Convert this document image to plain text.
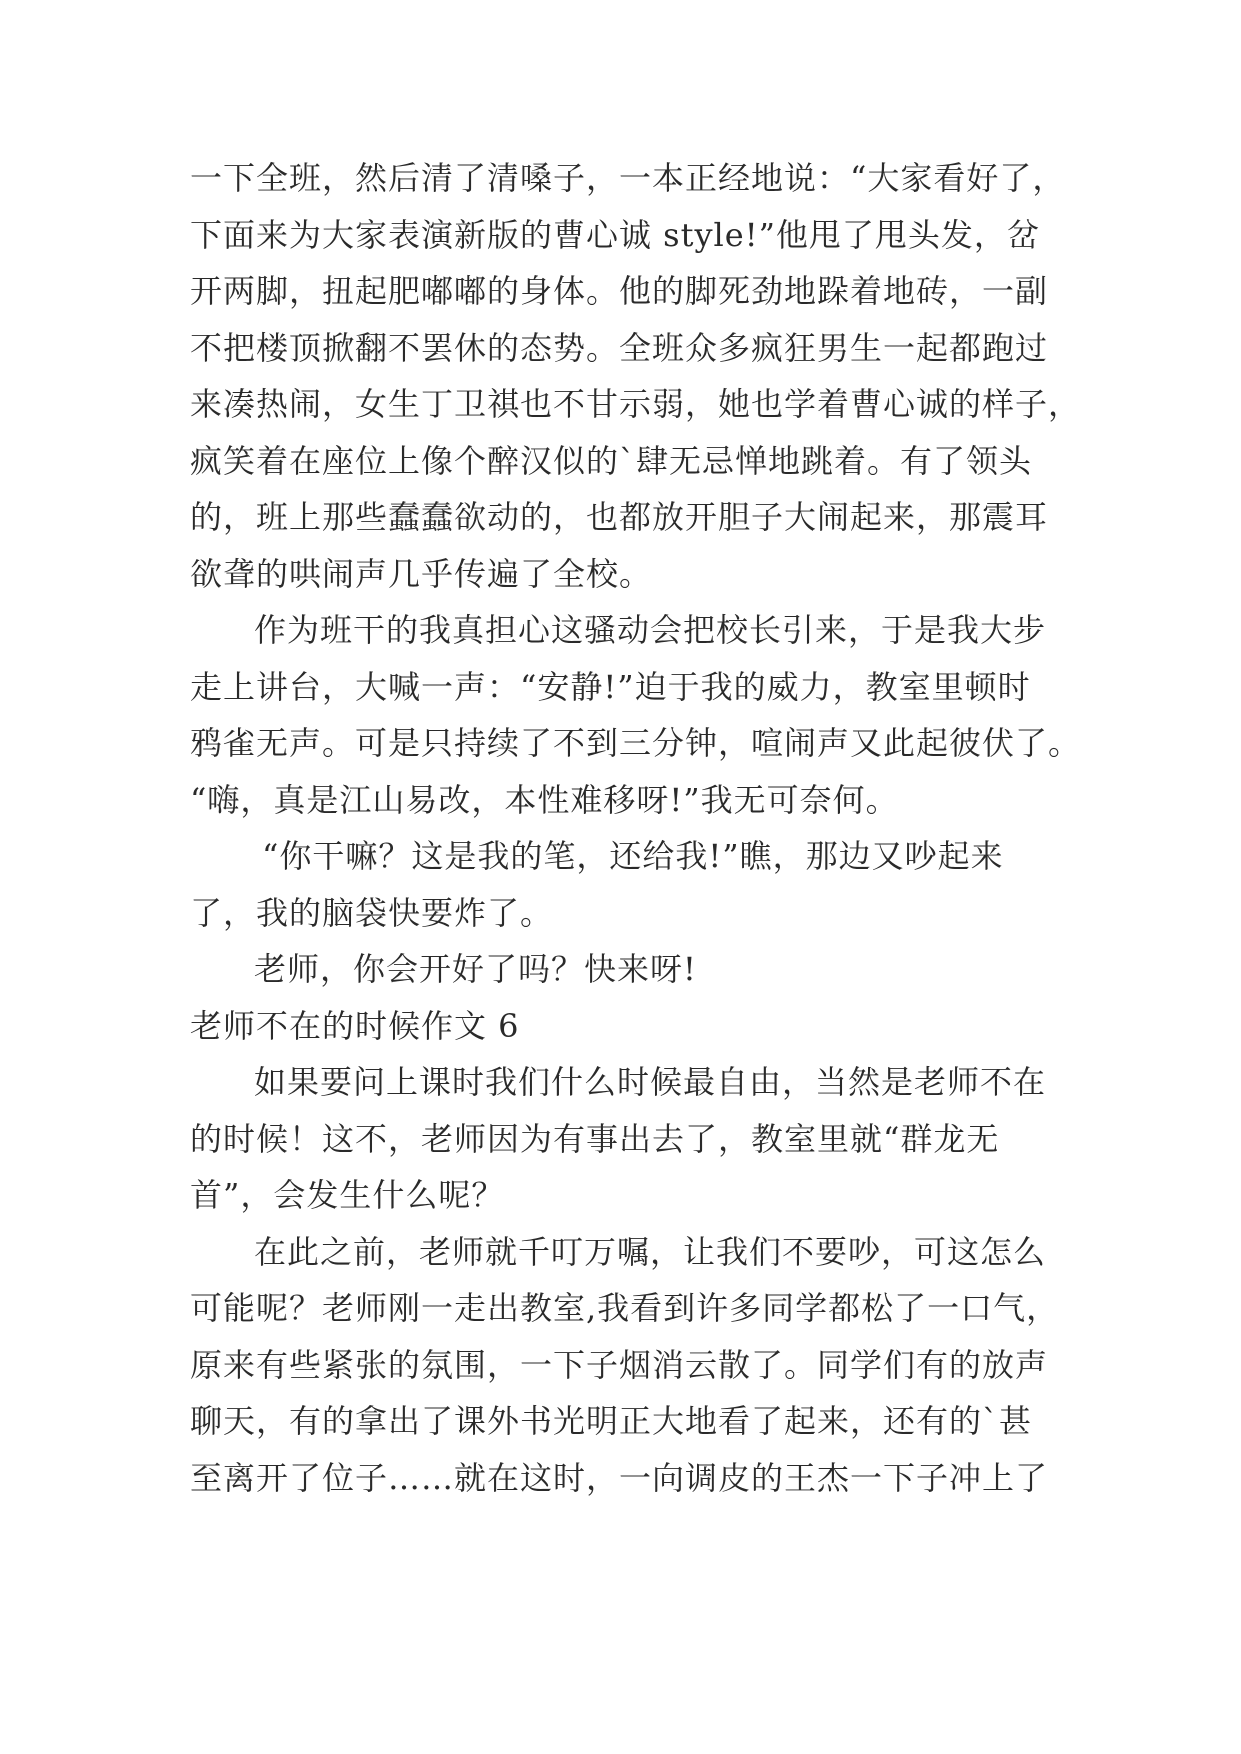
一下全班，然后清了清嗓子，一本正经地说：“大家看好了，
下面来为大家表演新版的曹心诚 style!”他甩了甩头发，岔
开两脚，扭起肥嘟嘟的身体。他的脚死劲地跺着地砖，一副
不把楼顶掀翻不罢休的态势。全班众多疯狂男生一起都跑过
来凑热闹，女生丁卫祺也不甘示弱，她也学着曹心诚的样子，
疯笑着在座位上像个醉汉似的`肆无忌惮地跳着。有了领头
的，班上那些蠢蠢欲动的，也都放开胆子大闹起来，那震耳
欲聋的哄闹声几乎传遍了全校。
作为班干的我真担心这骚动会把校长引来，于是我大步
走上讲台，大喊一声：“安静!”迫于我的威力，教室里顿时
鸦雀无声。可是只持续了不到三分钟，喧闹声又此起彼伏了。
“嗨，真是江山易改，本性难移呀!”我无可奈何。
“你干嘛？这是我的笔，还给我!”瞧，那边又吵起来
了，我的脑袋快要炸了。
老师，你会开好了吗？快来呀!
老师不在的时候作文 6
如果要问上课时我们什么时候最自由，当然是老师不在
的时候！这不，老师因为有事出去了，教室里就“群龙无
首”，会发生什么呢？
在此之前，老师就千叮万嘱，让我们不要吵，可这怎么
可能呢？老师刚一走出教室,我看到许多同学都松了一口气，
原来有些紧张的氛围，一下子烟消云散了。同学们有的放声
聊天，有的拿出了课外书光明正大地看了起来，还有的`甚
至离开了位子……就在这时，一向调皮的王杰一下子冲上了
